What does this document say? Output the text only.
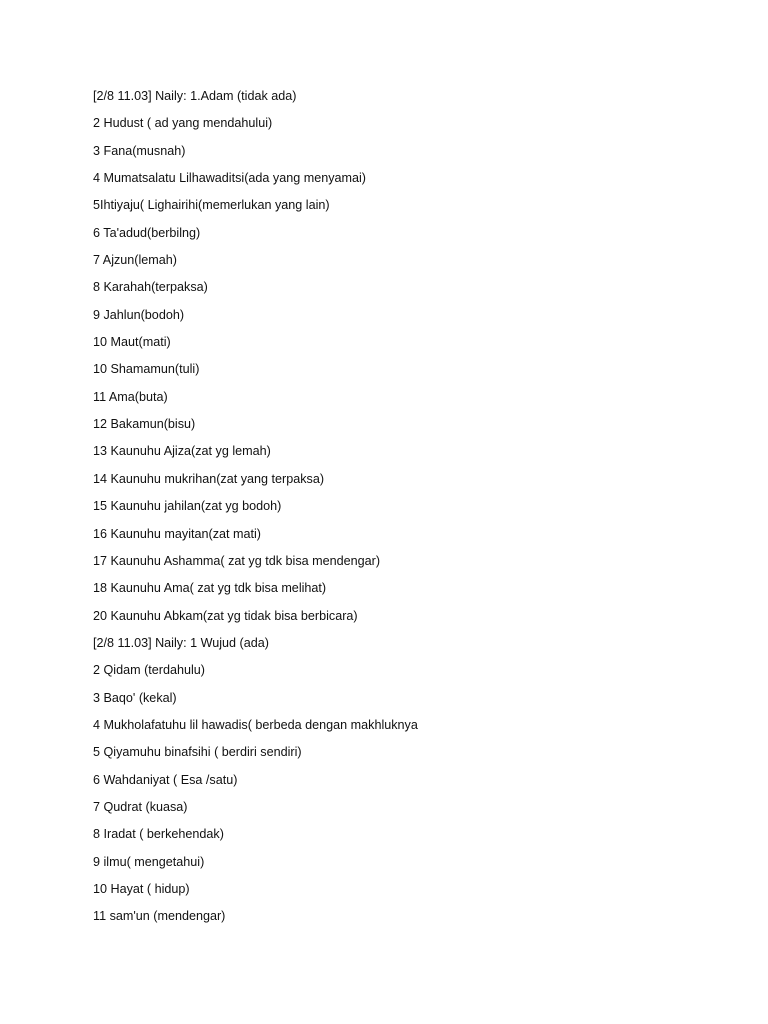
[2/8 11.03] Naily: 1.Adam (tidak ada)
2 Hudust ( ad yang mendahului)
3 Fana(musnah)
4 Mumatsalatu Lilhawaditsi(ada yang menyamai)
5Ihtiyaju( Lighairihi(memerlukan yang lain)
6 Ta'adud(berbilng)
7 Ajzun(lemah)
8 Karahah(terpaksa)
9 Jahlun(bodoh)
10 Maut(mati)
10 Shamamun(tuli)
11 Ama(buta)
12 Bakamun(bisu)
13 Kaunuhu Ajiza(zat yg lemah)
14 Kaunuhu mukrihan(zat yang terpaksa)
15 Kaunuhu jahilan(zat yg bodoh)
16 Kaunuhu mayitan(zat mati)
17 Kaunuhu Ashamma( zat yg tdk bisa mendengar)
18 Kaunuhu Ama( zat yg tdk bisa melihat)
20 Kaunuhu Abkam(zat yg tidak bisa berbicara)
[2/8 11.03] Naily: 1 Wujud (ada)
2 Qidam (terdahulu)
3 Baqo' (kekal)
4 Mukholafatuhu lil hawadis( berbeda dengan makhluknya
5 Qiyamuhu binafsihi ( berdiri sendiri)
6 Wahdaniyat ( Esa /satu)
7 Qudrat (kuasa)
8 Iradat ( berkehendak)
9 ilmu( mengetahui)
10 Hayat ( hidup)
11 sam'un (mendengar)
